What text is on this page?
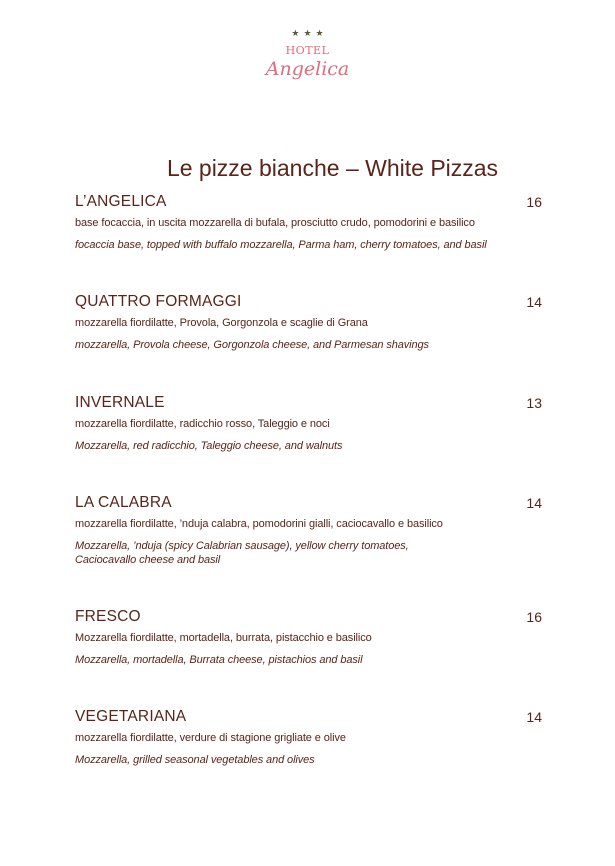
★★★
HOTEL
Angelica
Le pizze bianche – White Pizzas
L’ANGELICA	16
base focaccia, in uscita mozzarella di bufala, prosciutto crudo, pomodorini e basilico
focaccia base, topped with buffalo mozzarella, Parma ham, cherry tomatoes, and basil
QUATTRO FORMAGGI	14
mozzarella fiordilatte, Provola, Gorgonzola e scaglie di Grana
mozzarella, Provola cheese, Gorgonzola cheese, and Parmesan shavings
INVERNALE	13
mozzarella fiordilatte, radicchio rosso, Taleggio e noci
Mozzarella, red radicchio, Taleggio cheese, and walnuts
LA CALABRA	14
mozzarella fiordilatte, ’nduja calabra, pomodorini gialli, caciocavallo e basilico
Mozzarella, ’nduja (spicy Calabrian sausage), yellow cherry tomatoes, Caciocavallo cheese and basil
FRESCO	16
Mozzarella fiordilatte, mortadella, burrata, pistacchio e basilico
Mozzarella, mortadella, Burrata cheese, pistachios and basil
VEGETARIANA	14
mozzarella fiordilatte, verdure di stagione grigliate e olive
Mozzarella, grilled seasonal vegetables and olives
